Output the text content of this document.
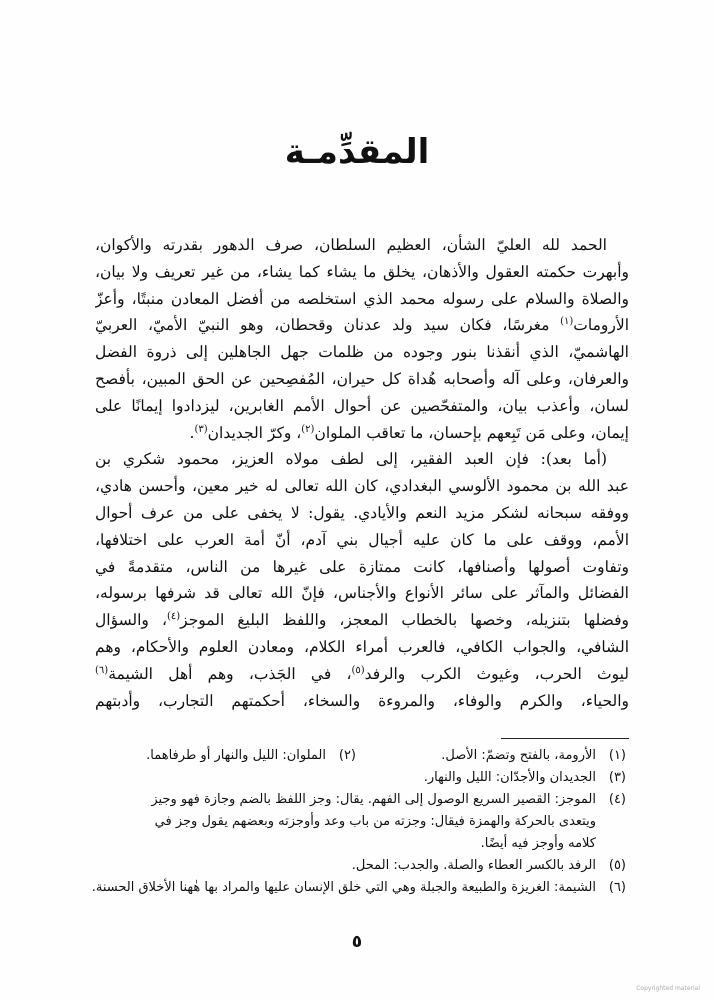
المقدِّمـة
الحمد لله العليّ الشأن، العظيم السلطان، صرف الدهور بقدرته والأكوان،
وأبهرت حكمته العقول والأذهان، يخلق ما يشاء كما يشاء، من غير تعريف ولا بيان،
والصلاة والسلام على رسوله محمد الذي استخلصه من أفضل المعادن منبتًا، وأعزّ
الأرومات$^{(١)}$ مغرسًا، فكان سيد ولد عدنان وقحطان، وهو النبيّ الأميّ، العربيّ
الهاشميّ، الذي أنقذنا بنور وجوده من ظلمات جهل الجاهلين إلى ذروة الفضل
والعرفان، وعلى آله وأصحابه هُداة كل حيران، المُفصِحين عن الحق المبين، بأفصح
لسان، وأعذب بيان، والمتفحّصين عن أحوال الأمم الغابرين، ليزدادوا إيمانًا على
إيمان، وعلى مَن تَبِعهم بإحسان، ما تعاقب الملوان$^{(٢)}$، وكرّ الجديدان$^{(٣)}$.
(أما بعد): فإن العبد الفقير، إلى لطف مولاه العزيز، محمود شكري بن
عبد الله بن محمود الألوسي البغدادي، كان الله تعالى له خير معين، وأحسن هادي،
ووفقه سبحانه لشكر مزيد النعم والأيادي. يقول: لا يخفى على من عرف أحوال
الأمم، ووقف على ما كان عليه أجيال بني آدم، أنّ أمة العرب على اختلافها،
وتفاوت أصولها وأصنافها، كانت ممتازة على غيرها من الناس، متقدمةً في
الفضائل والمآثر على سائر الأنواع والأجناس، فإنّ الله تعالى قد شرفها برسوله،
وفضلها بتنزيله، وخصها بالخطاب المعجز، واللفظ البليغ الموجز$^{(٤)}$، والسؤال
الشافي، والجواب الكافي، فالعرب أمراء الكلام، ومعادن العلوم والأحكام، وهم
ليوث الحرب، وغيوث الكرب والرفد$^{(٥)}$، في الجَذب، وهم أهل الشيمة$^{(٦)}$
والحياء، والكرم والوفاء، والمروءة والسخاء، أحكمتهم التجارب، وأدبتهم
(١)
الأرومة، بالفتح وتضمّ: الأصل.
(٢)
الملوان: الليل والنهار أو طرفاهما.
(٣)
الجديدان والأجدّان: الليل والنهار.
(٤)
الموجز: القصير السريع الوصول إلى الفهم. يقال: وجز اللفظ بالضم وجازة فهو وجيز
ويتعدى بالحركة والهمزة فيقال: وجزته من باب وعد وأوجزته وبعضهم يقول وجز في
كلامه وأوجز فيه أيضًا.
(٥)
الرفد بالكسر العطاء والصلة. والجدب: المحل.
(٦)
الشيمة: الغريزة والطبيعة والجبلة وهي التي خلق الإنسان عليها والمراد بها هٰهنا الأخلاق الحسنة.
٥
Copyrighted material
